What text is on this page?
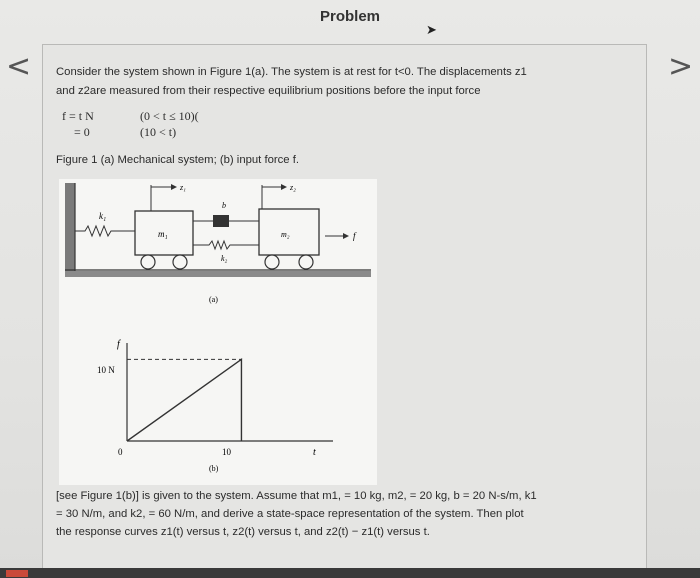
Problem
➤
<	>
Consider the system shown in Figure 1(a). The system is at rest for t<0. The displacements z1
and z2are measured from their respective equilibrium positions before the input force
f = t N	(0 < t ≤ 10)(
= 0	(10 < t)
Figure 1 (a) Mechanical system; (b) input force f.
k₁
m₁
z₁
b
k₂
m₂
z₂
f
(a)
f
t
10 N
0	10
(b)
[see Figure 1(b)] is given to the system. Assume that m1, = 10 kg, m2, = 20 kg, b = 20 N-s/m, k1
= 30 N/m, and k2, = 60 N/m, and derive a state-space representation of the system. Then plot
the response curves z1(t) versus t, z2(t) versus t, and z2(t) − z1(t) versus t.
